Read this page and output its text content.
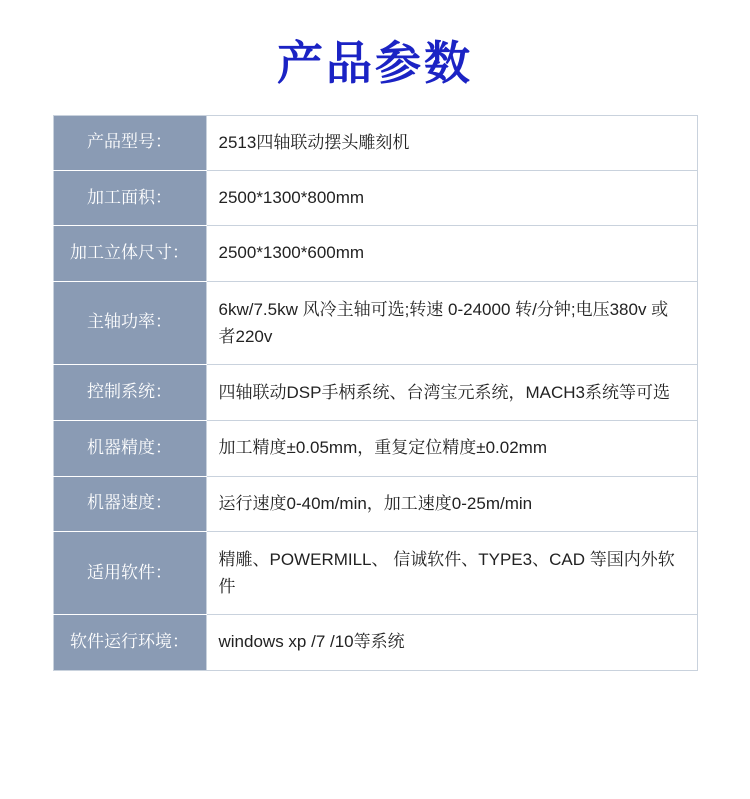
产品参数
产品型号：	2513四轴联动摆头雕刻机
加工面积：	2500*1300*800mm
加工立体尺寸：	2500*1300*600mm
主轴功率：	6kw/7.5kw 风冷主轴可选;转速 0-24000 转/分钟;电压380v 或者220v
控制系统：	四轴联动DSP手柄系统、台湾宝元系统，MACH3系统等可选
机器精度：	加工精度±0.05mm，重复定位精度±0.02mm
机器速度：	运行速度0-40m/min，加工速度0-25m/min
适用软件：	精雕、POWERMILL、 信诚软件、TYPE3、CAD 等国内外软件
软件运行环境：	windows xp /7 /10等系统
